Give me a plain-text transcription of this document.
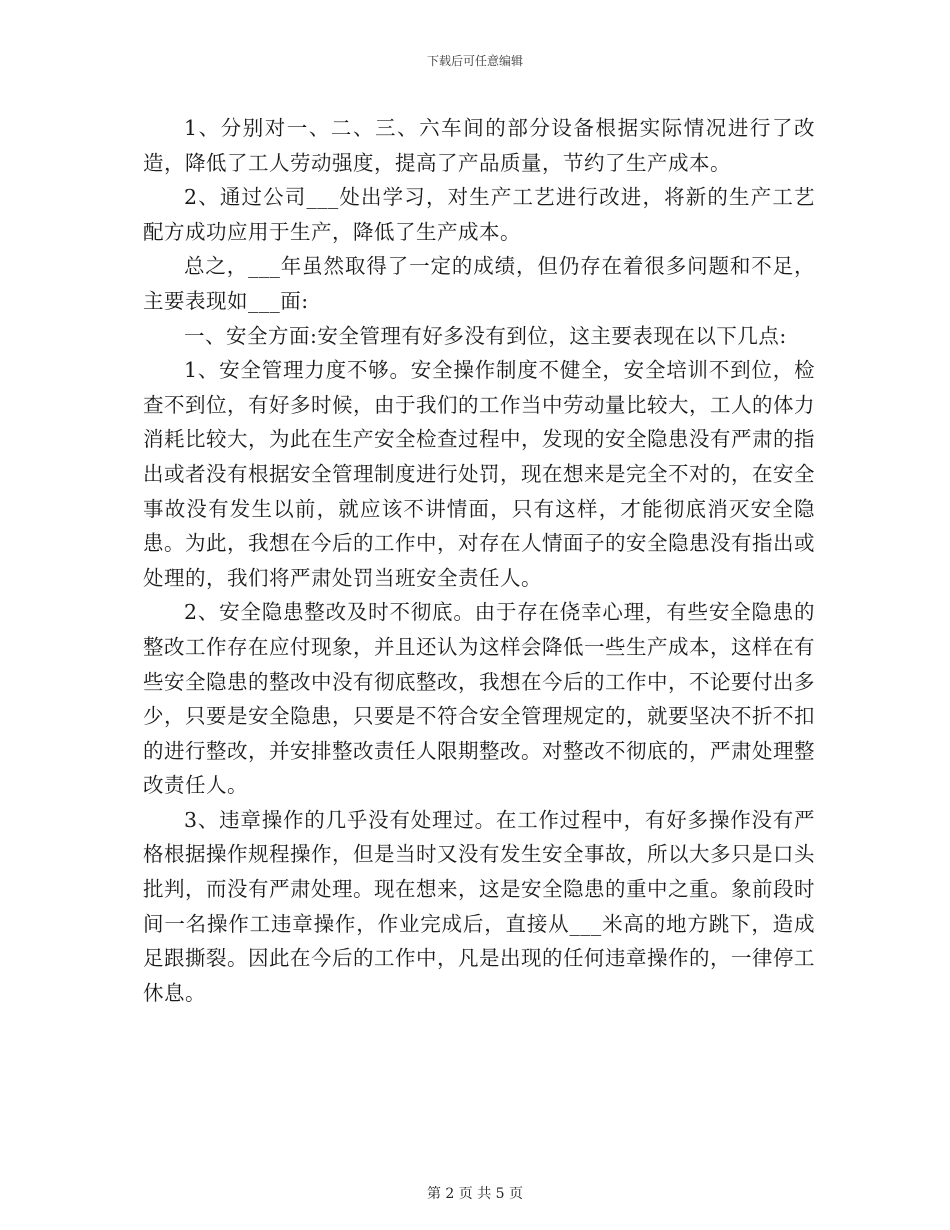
下载后可任意编辑

1、分别对一、二、三、六车间的部分设备根据实际情况进行了改造，降低了工人劳动强度，提高了产品质量，节约了生产成本。

2、通过公司___处出学习，对生产工艺进行改进，将新的生产工艺配方成功应用于生产，降低了生产成本。

总之，___年虽然取得了一定的成绩，但仍存在着很多问题和不足，主要表现如___面:

一、安全方面:安全管理有好多没有到位，这主要表现在以下几点:

1、安全管理力度不够。安全操作制度不健全，安全培训不到位，检查不到位，有好多时候，由于我们的工作当中劳动量比较大，工人的体力消耗比较大，为此在生产安全检查过程中，发现的安全隐患没有严肃的指出或者没有根据安全管理制度进行处罚，现在想来是完全不对的，在安全事故没有发生以前，就应该不讲情面，只有这样，才能彻底消灭安全隐患。为此，我想在今后的工作中，对存在人情面子的安全隐患没有指出或处理的，我们将严肃处罚当班安全责任人。

2、安全隐患整改及时不彻底。由于存在侥幸心理，有些安全隐患的整改工作存在应付现象，并且还认为这样会降低一些生产成本，这样在有些安全隐患的整改中没有彻底整改，我想在今后的工作中，不论要付出多少，只要是安全隐患，只要是不符合安全管理规定的，就要坚决不折不扣的进行整改，并安排整改责任人限期整改。对整改不彻底的，严肃处理整改责任人。

3、违章操作的几乎没有处理过。在工作过程中，有好多操作没有严格根据操作规程操作，但是当时又没有发生安全事故，所以大多只是口头批判，而没有严肃处理。现在想来，这是安全隐患的重中之重。象前段时间一名操作工违章操作，作业完成后，直接从___米高的地方跳下，造成足跟撕裂。因此在今后的工作中，凡是出现的任何违章操作的，一律停工休息。

第 2 页 共 5 页
